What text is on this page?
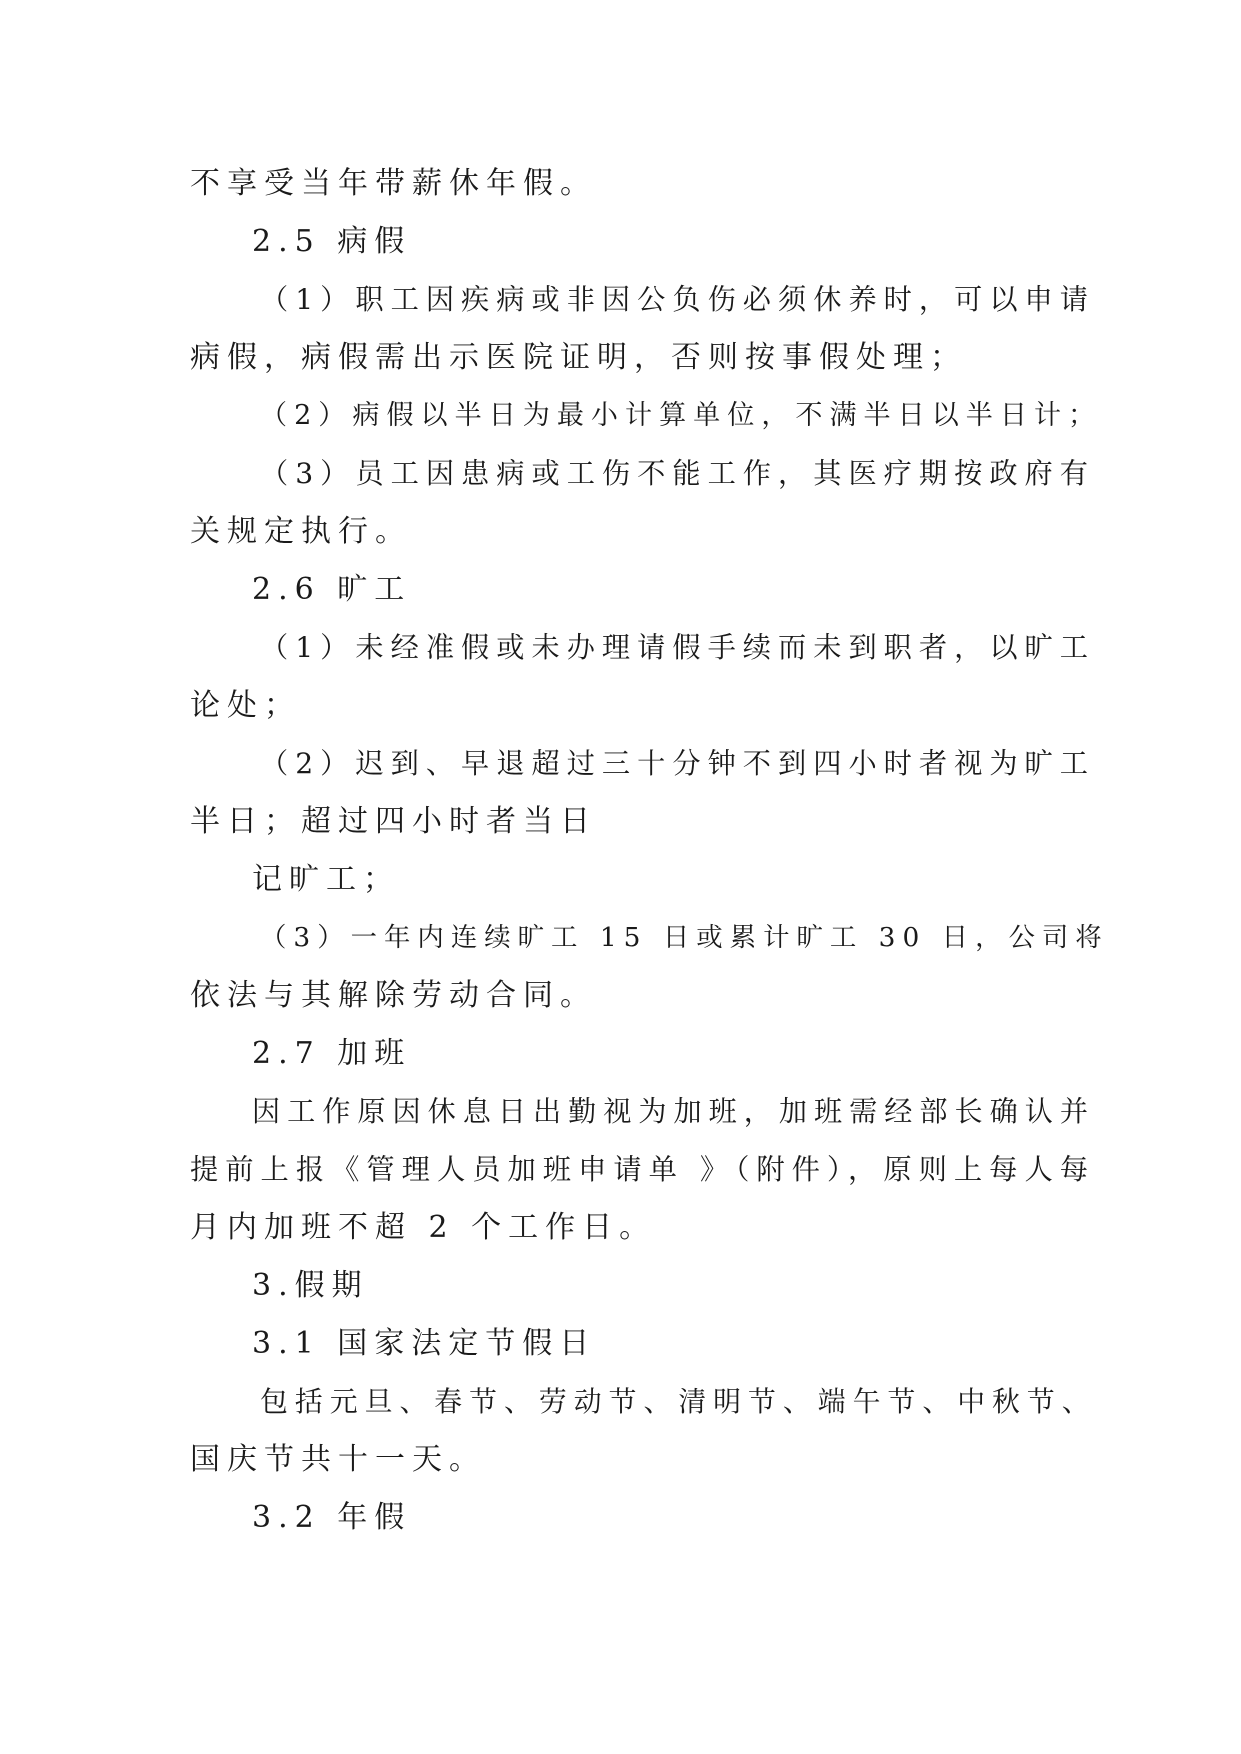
不享受当年带薪休年假。
2.5 病假
（1）职工因疾病或非因公负伤必须休养时，可以申请
病假，病假需出示医院证明，否则按事假处理；
（2）病假以半日为最小计算单位，不满半日以半日计；
（3）员工因患病或工伤不能工作，其医疗期按政府有
关规定执行。
2.6 旷工
（1）未经准假或未办理请假手续而未到职者，以旷工
论处；
（2）迟到、早退超过三十分钟不到四小时者视为旷工
半日；超过四小时者当日
记旷工；
（3）一年内连续旷工 15 日或累计旷工 30 日，公司将
依法与其解除劳动合同。
2.7 加班
因工作原因休息日出勤视为加班，加班需经部长确认并
提前上报《管理人员加班申请单 》（附件），原则上每人每
月内加班不超 2 个工作日。
3.假期
3.1 国家法定节假日
包括元旦、春节、劳动节、清明节、端午节、中秋节、
国庆节共十一天。
3.2 年假
